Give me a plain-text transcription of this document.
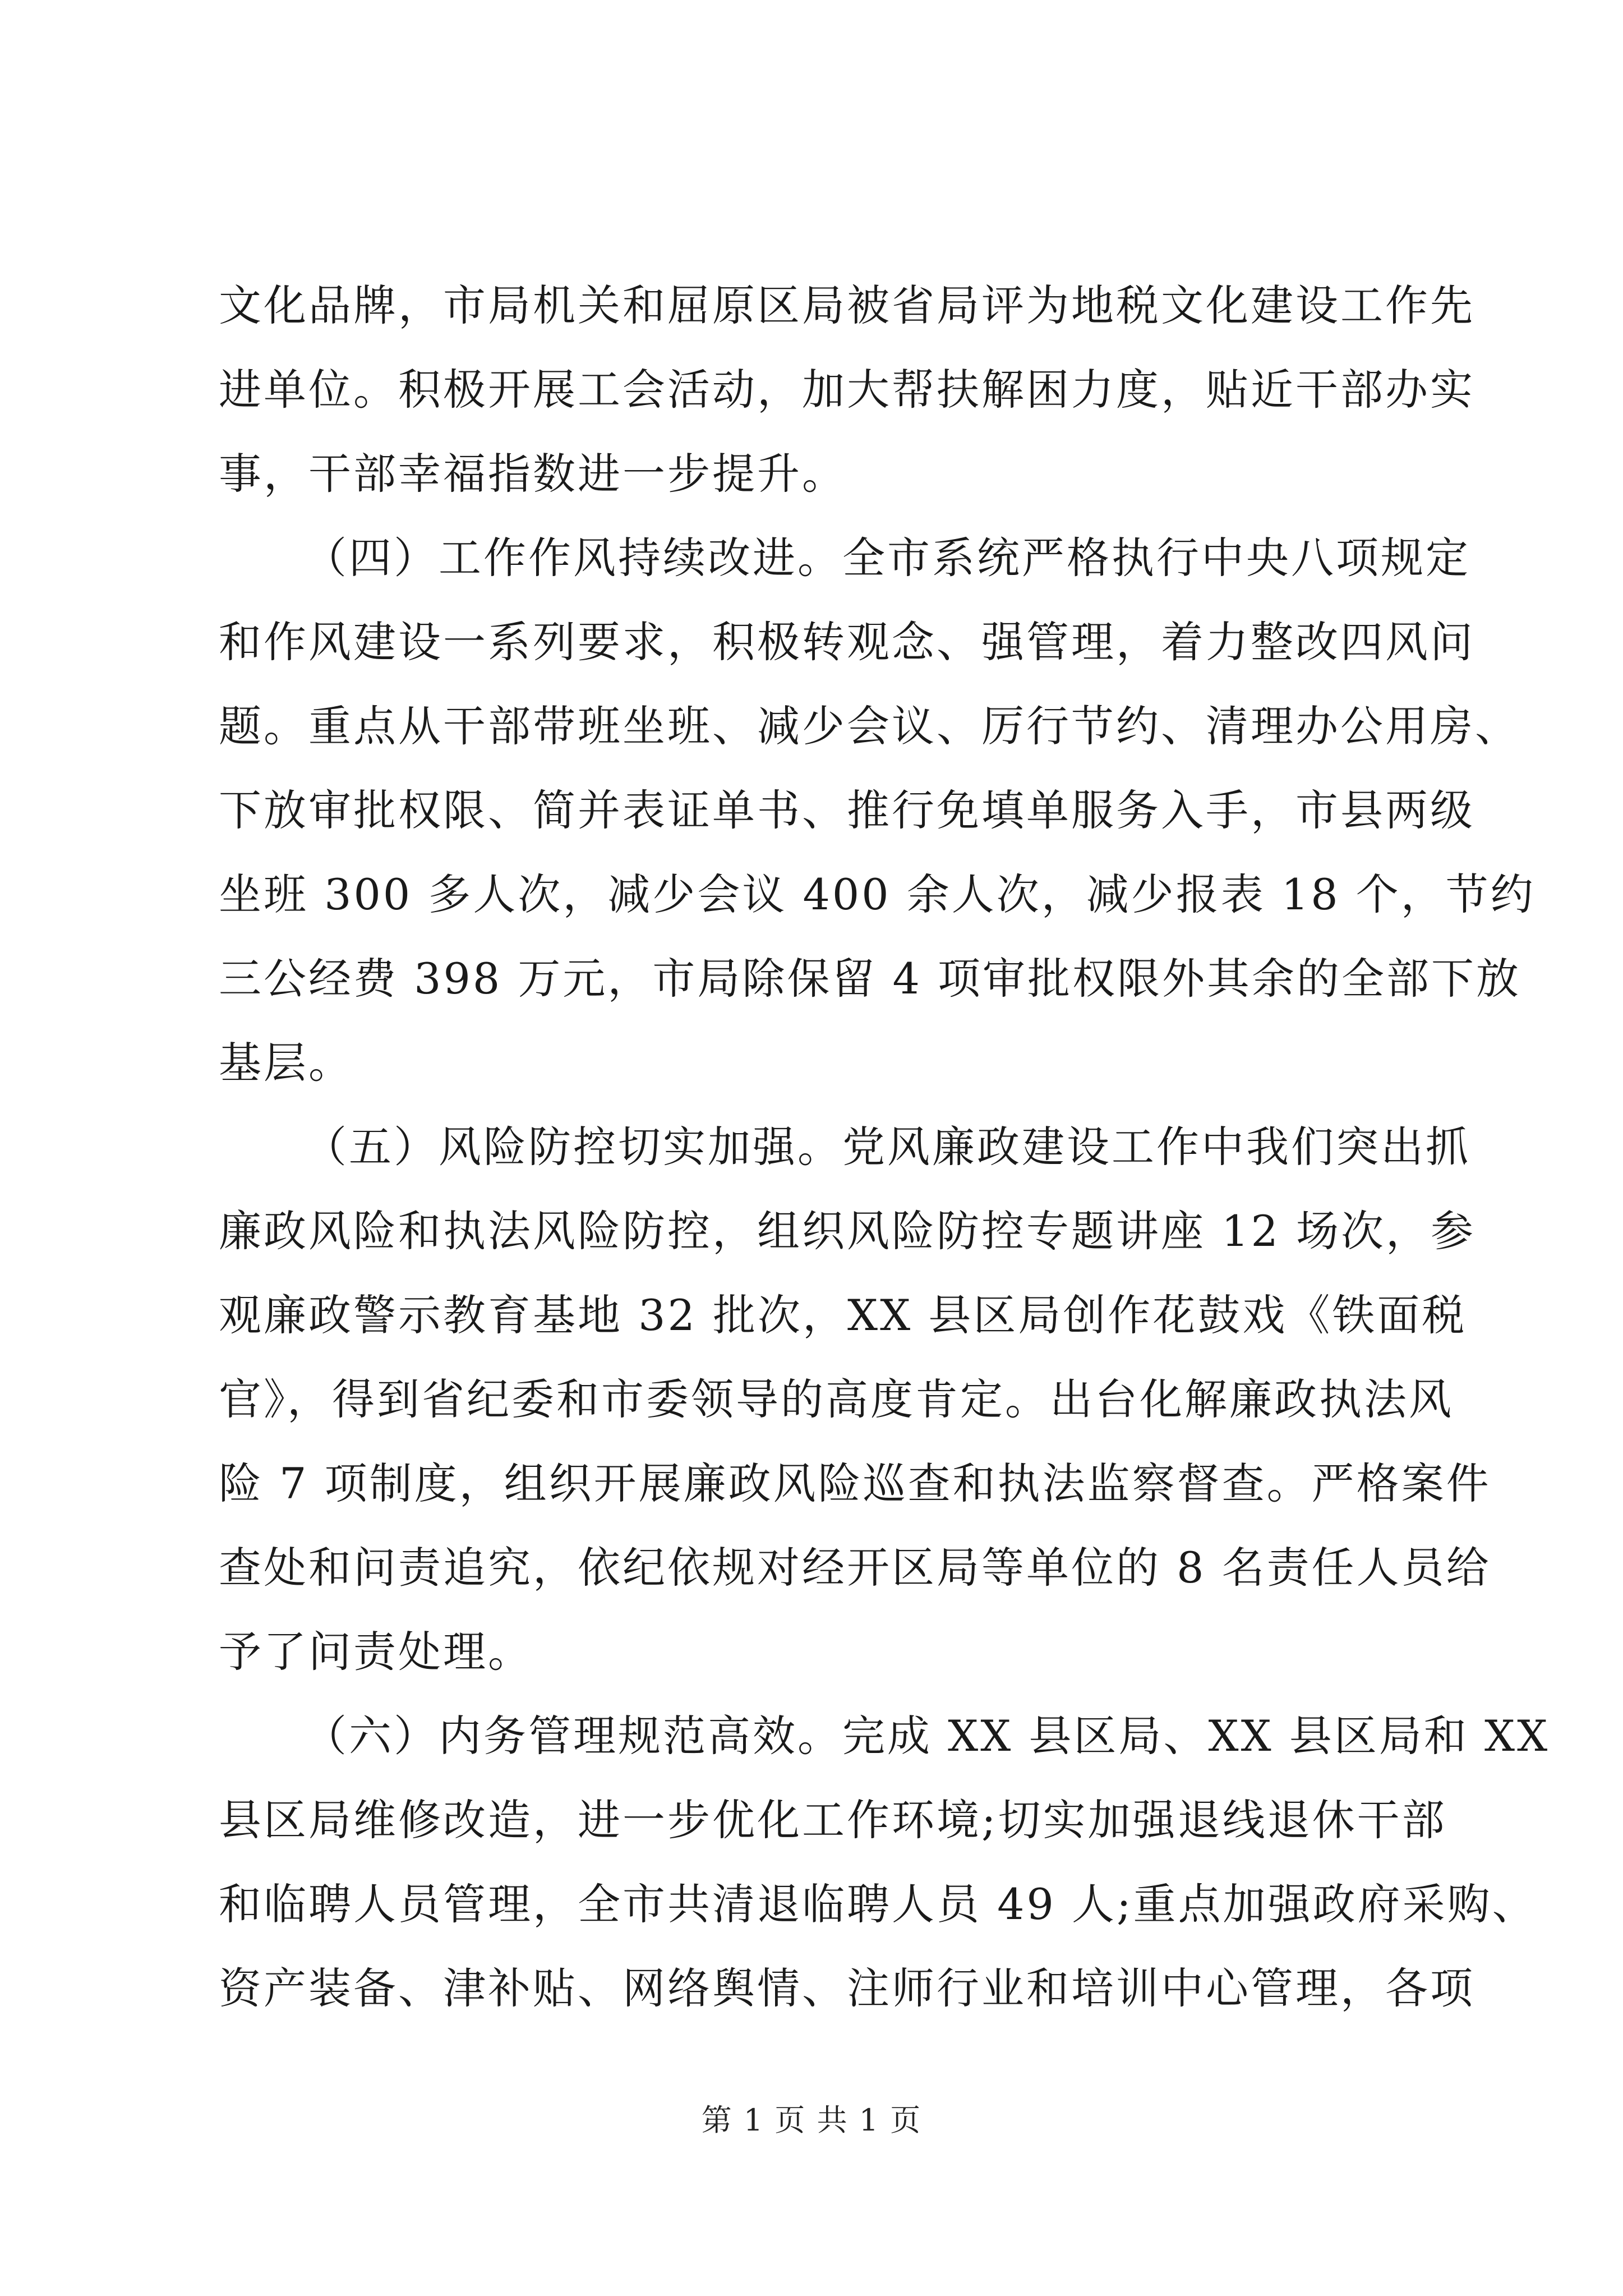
文化品牌，市局机关和屈原区局被省局评为地税文化建设工作先
进单位。积极开展工会活动，加大帮扶解困力度，贴近干部办实
事，干部幸福指数进一步提升。
（四）工作作风持续改进。全市系统严格执行中央八项规定
和作风建设一系列要求，积极转观念、强管理，着力整改四风问
题。重点从干部带班坐班、减少会议、厉行节约、清理办公用房、
下放审批权限、简并表证单书、推行免填单服务入手，市县两级
坐班 300 多人次，减少会议 400 余人次，减少报表 18 个，节约
三公经费 398 万元，市局除保留 4 项审批权限外其余的全部下放
基层。
（五）风险防控切实加强。党风廉政建设工作中我们突出抓
廉政风险和执法风险防控，组织风险防控专题讲座 12 场次，参
观廉政警示教育基地 32 批次，XX 县区局创作花鼓戏《铁面税
官》，得到省纪委和市委领导的高度肯定。出台化解廉政执法风
险 7 项制度，组织开展廉政风险巡查和执法监察督查。严格案件
查处和问责追究，依纪依规对经开区局等单位的 8 名责任人员给
予了问责处理。
（六）内务管理规范高效。完成 XX 县区局、XX 县区局和 XX
县区局维修改造，进一步优化工作环境;切实加强退线退休干部
和临聘人员管理，全市共清退临聘人员 49 人;重点加强政府采购、
资产装备、津补贴、网络舆情、注师行业和培训中心管理，各项
第 1 页 共 1 页
